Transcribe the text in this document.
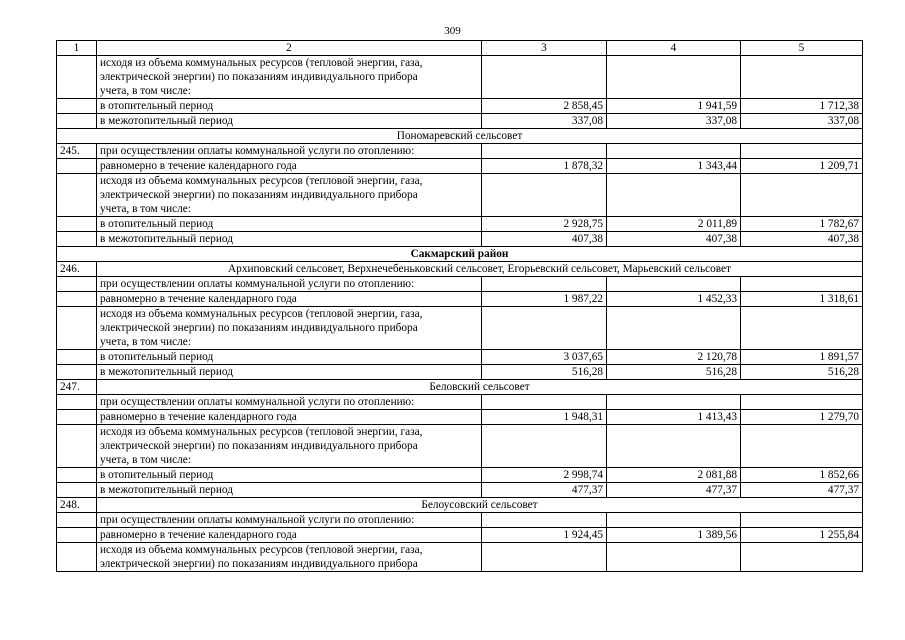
309
1	2	3	4	5

	исходя из объема коммунальных ресурсов (тепловой энергии, газа,
электрической энергии) по показаниям индивидуального прибора
учета, в том числе:			

	в отопительный период	2 858,45	1 941,59	1 712,38

	в межотопительный период	337,08	337,08	337,08
Пономаревский сельсовет				
245.	при осуществлении оплаты коммунальной услуги по отоплению:			

	равномерно в течение календарного года	1 878,32	1 343,44	1 209,71

	исходя из объема коммунальных ресурсов (тепловой энергии, газа,
электрической энергии) по показаниям индивидуального прибора
учета, в том числе:			

	в отопительный период	2 928,75	2 011,89	1 782,67

	в межотопительный период	407,38	407,38	407,38
Сакмарский район				
246.	Архиповский сельсовет, Верхнечебеньковский сельсовет, Егорьевский сельсовет, Марьевский сельсовет			

	при осуществлении оплаты коммунальной услуги по отоплению:			

	равномерно в течение календарного года	1 987,22	1 452,33	1 318,61

	исходя из объема коммунальных ресурсов (тепловой энергии, газа,
электрической энергии) по показаниям индивидуального прибора
учета, в том числе:			

	в отопительный период	3 037,65	2 120,78	1 891,57

	в межотопительный период	516,28	516,28	516,28
247.	Беловский сельсовет			

	при осуществлении оплаты коммунальной услуги по отоплению:			

	равномерно в течение календарного года	1 948,31	1 413,43	1 279,70

	исходя из объема коммунальных ресурсов (тепловой энергии, газа,
электрической энергии) по показаниям индивидуального прибора
учета, в том числе:			

	в отопительный период	2 998,74	2 081,88	1 852,66

	в межотопительный период	477,37	477,37	477,37
248.	Белоусовский сельсовет			

	при осуществлении оплаты коммунальной услуги по отоплению:			

	равномерно в течение календарного года	1 924,45	1 389,56	1 255,84

	исходя из объема коммунальных ресурсов (тепловой энергии, газа,
электрической энергии) по показаниям индивидуального прибора			
